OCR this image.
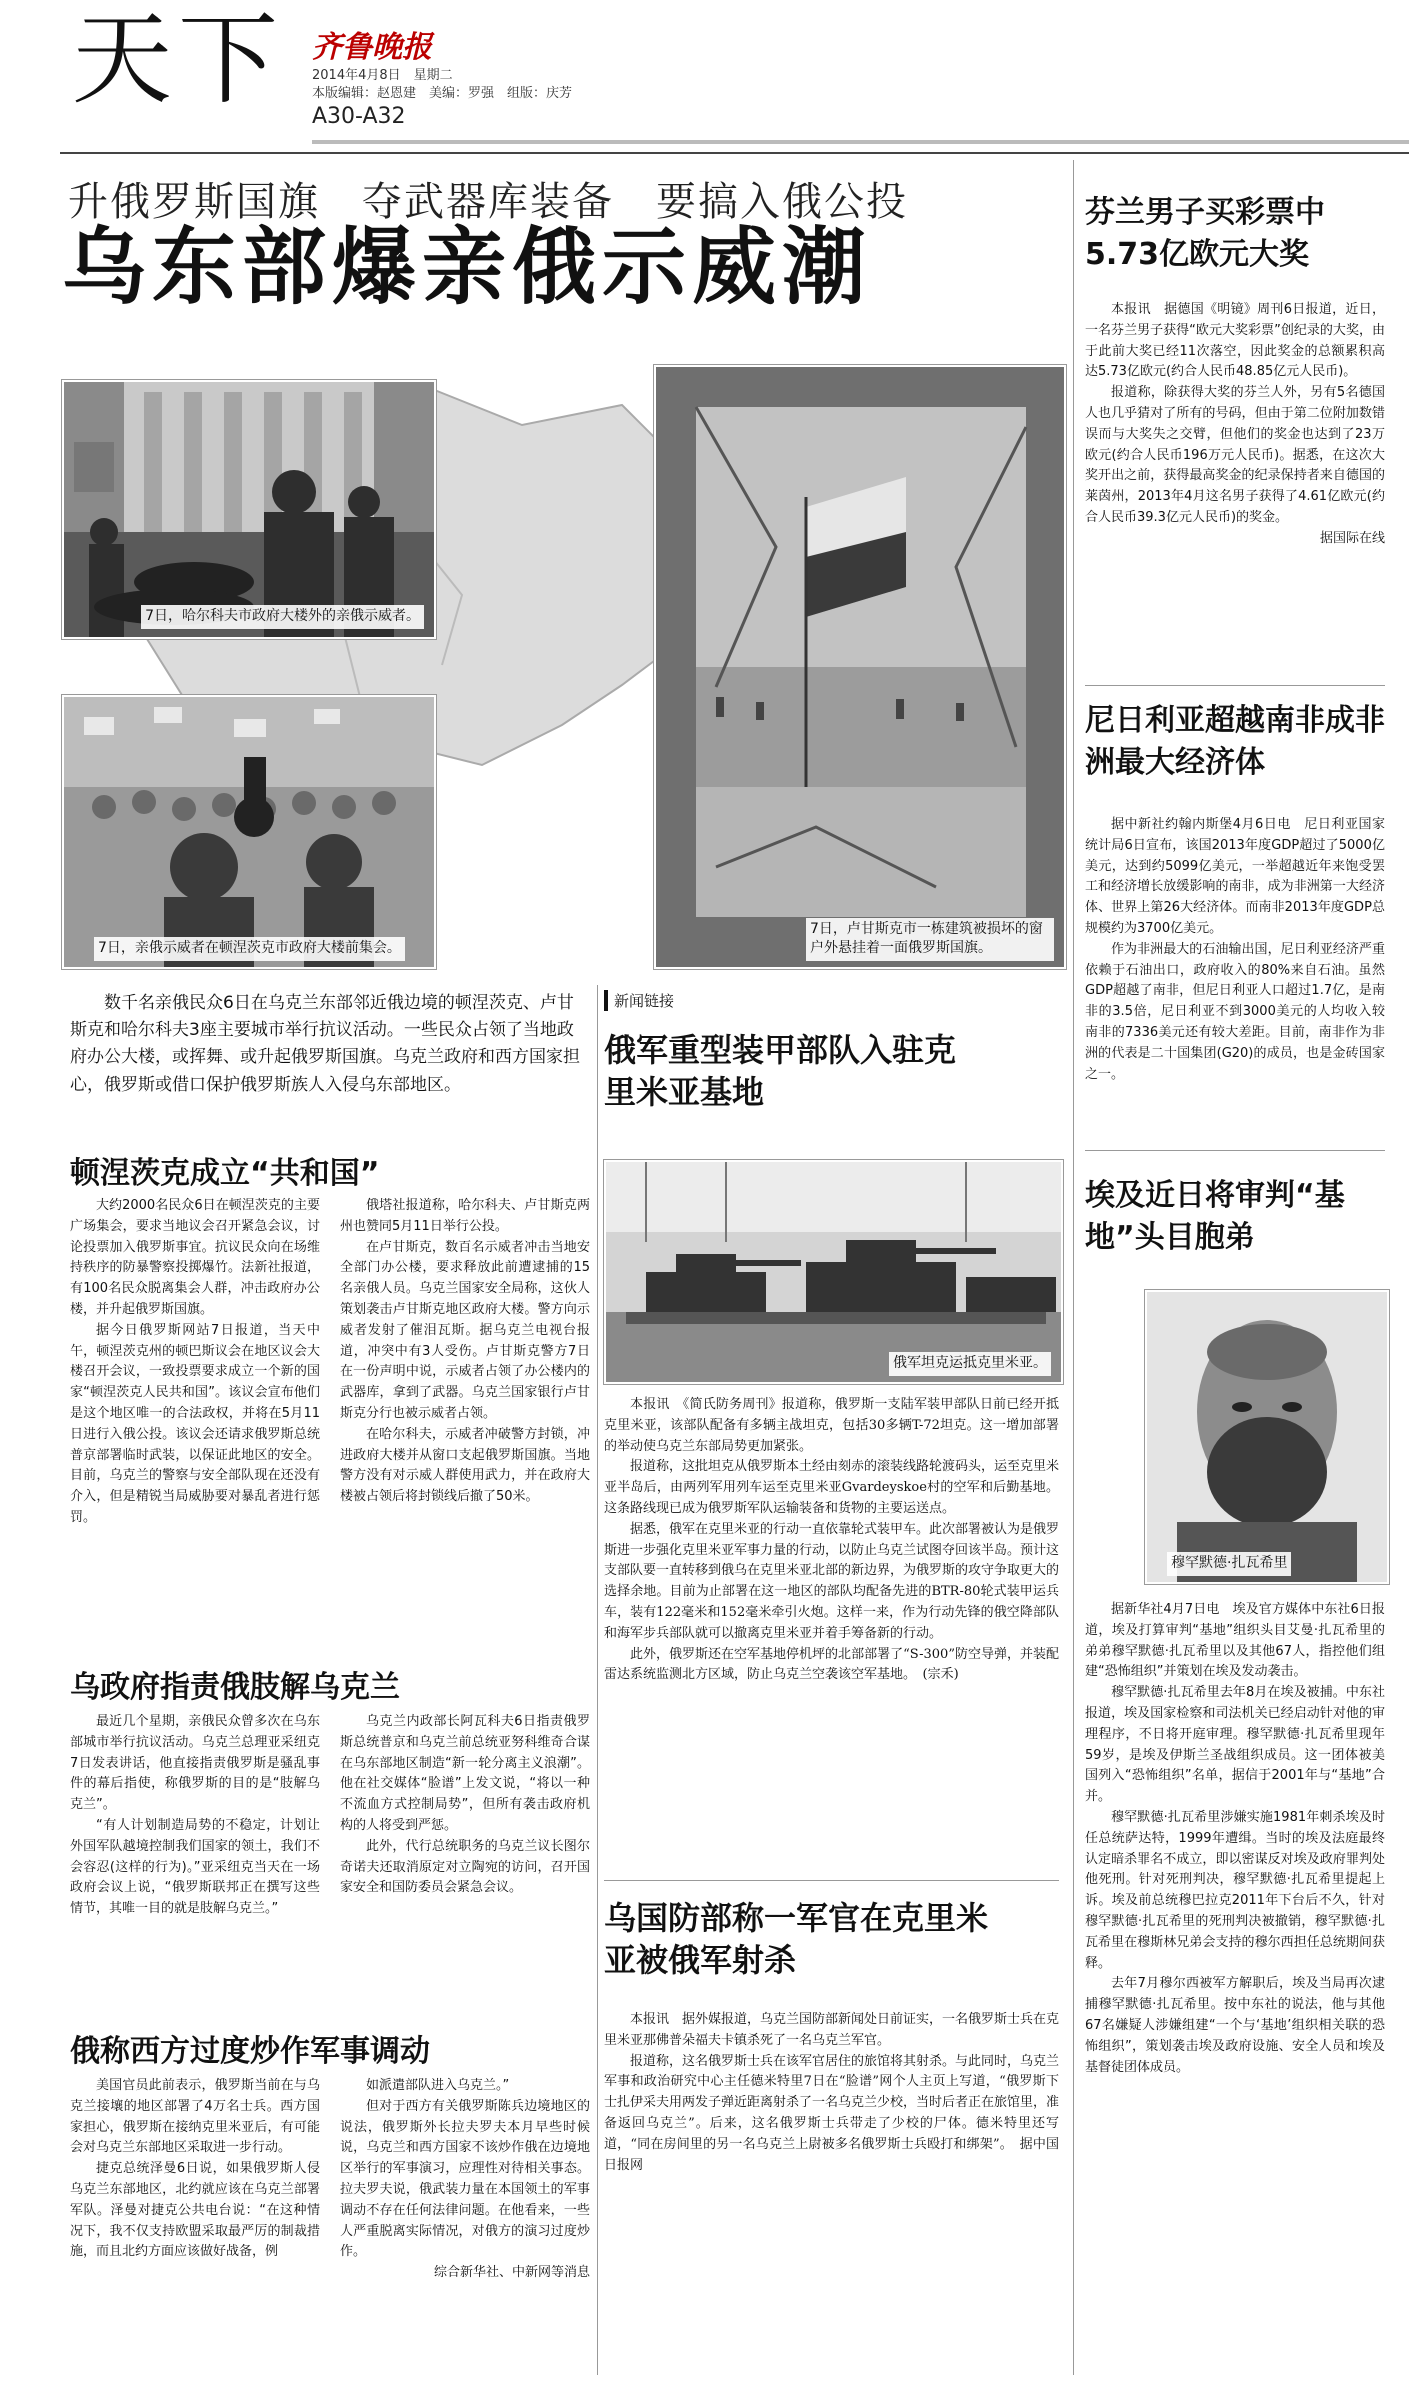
天下 齐鲁晚报
2014年4月8日　星期二
本版编辑：赵恩建　美编：罗强　组版：庆芳
A30-A32
升俄罗斯国旗　夺武器库装备　要搞入俄公投
乌东部爆亲俄示威潮
7日，哈尔科夫市政府大楼外的亲俄示威者。
7日，亲俄示威者在顿涅茨克市政府大楼前集会。
7日，卢甘斯克市一栋建筑被损坏的窗户外悬挂着一面俄罗斯国旗。
数千名亲俄民众6日在乌克兰东部邻近俄边境的顿涅茨克、卢甘斯克和哈尔科夫3座主要城市举行抗议活动。一些民众占领了当地政府办公大楼，或挥舞、或升起俄罗斯国旗。乌克兰政府和西方国家担心，俄罗斯或借口保护俄罗斯族人入侵乌东部地区。
顿涅茨克成立“共和国”

大约2000名民众6日在顿涅茨克的主要广场集会，要求当地议会召开紧急会议，讨论投票加入俄罗斯事宜。抗议民众向在场维持秩序的防暴警察投掷爆竹。法新社报道，有100名民众脱离集会人群，冲击政府办公楼，并升起俄罗斯国旗。

据今日俄罗斯网站7日报道，当天中午，顿涅茨克州的顿巴斯议会在地区议会大楼召开会议，一致投票要求成立一个新的国家“顿涅茨克人民共和国”。该议会宣布他们是这个地区唯一的合法政权，并将在5月11日进行入俄公投。该议会还请求俄罗斯总统普京部署临时武装，以保证此地区的安全。目前，乌克兰的警察与安全部队现在还没有介入，但是精锐当局威胁要对暴乱者进行惩罚。

俄塔社报道称，哈尔科夫、卢甘斯克两州也赞同5月11日举行公投。

在卢甘斯克，数百名示威者冲击当地安全部门办公楼，要求释放此前遭逮捕的15名亲俄人员。乌克兰国家安全局称，这伙人策划袭击卢甘斯克地区政府大楼。警方向示威者发射了催泪瓦斯。据乌克兰电视台报道，冲突中有3人受伤。卢甘斯克警方7日在一份声明中说，示威者占领了办公楼内的武器库，拿到了武器。乌克兰国家银行卢甘斯克分行也被示威者占领。

在哈尔科夫，示威者冲破警方封锁，冲进政府大楼并从窗口支起俄罗斯国旗。当地警方没有对示威人群使用武力，并在政府大楼被占领后将封锁线后撤了50米。

乌政府指责俄肢解乌克兰

最近几个星期，亲俄民众曾多次在乌东部城市举行抗议活动。乌克兰总理亚采纽克7日发表讲话，他直接指责俄罗斯是骚乱事件的幕后指使，称俄罗斯的目的是“肢解乌克兰”。

“有人计划制造局势的不稳定，计划让外国军队越境控制我们国家的领土，我们不会容忍(这样的行为)。”亚采纽克当天在一场政府会议上说，“俄罗斯联邦正在撰写这些情节，其唯一目的就是肢解乌克兰。”

乌克兰内政部长阿瓦科夫6日指责俄罗斯总统普京和乌克兰前总统亚努科维奇合谋在乌东部地区制造“新一轮分离主义浪潮”。他在社交媒体“脸谱”上发文说，“将以一种不流血方式控制局势”，但所有袭击政府机构的人将受到严惩。

此外，代行总统职务的乌克兰议长图尔奇诺夫还取消原定对立陶宛的访问，召开国家安全和国防委员会紧急会议。

俄称西方过度炒作军事调动

美国官员此前表示，俄罗斯当前在与乌克兰接壤的地区部署了4万名士兵。西方国家担心，俄罗斯在接纳克里米亚后，有可能会对乌克兰东部地区采取进一步行动。

捷克总统泽曼6日说，如果俄罗斯人侵乌克兰东部地区，北约就应该在乌克兰部署军队。泽曼对捷克公共电台说：“在这种情况下，我不仅支持欧盟采取最严厉的制裁措施，而且北约方面应该做好战备，例

如派遣部队进入乌克兰。”

但对于西方有关俄罗斯陈兵边境地区的说法，俄罗斯外长拉夫罗夫本月早些时候说，乌克兰和西方国家不该炒作俄在边境地区举行的军事演习，应理性对待相关事态。拉夫罗夫说，俄武装力量在本国领土的军事调动不存在任何法律问题。在他看来，一些人严重脱离实际情况，对俄方的演习过度炒作。

综合新华社、中新网等消息

新闻链接
俄军重型装甲部队入驻克里米亚基地
俄军坦克运抵克里米亚。

本报讯　《简氏防务周刊》报道称，俄罗斯一支陆军装甲部队日前已经开抵克里米亚，该部队配备有多辆主战坦克，包括30多辆T-72坦克。这一增加部署的举动使乌克兰东部局势更加紧张。

报道称，这批坦克从俄罗斯本土经由刻赤的滚装线路轮渡码头，运至克里米亚半岛后，由两列军用列车运至克里米亚Gvardeyskoe村的空军和后勤基地。这条路线现已成为俄罗斯军队运输装备和货物的主要运送点。

据悉，俄军在克里米亚的行动一直依靠轮式装甲车。此次部署被认为是俄罗斯进一步强化克里米亚军事力量的行动，以防止乌克兰试图夺回该半岛。预计这支部队要一直转移到俄乌在克里米亚北部的新边界，为俄罗斯的攻守争取更大的选择余地。目前为止部署在这一地区的部队均配备先进的BTR-80轮式装甲运兵车，装有122毫米和152毫米牵引火炮。这样一来，作为行动先锋的俄空降部队和海军步兵部队就可以撤离克里米亚并着手筹备新的行动。

此外，俄罗斯还在空军基地停机坪的北部部署了“S-300”防空导弹，并装配雷达系统监测北方区域，防止乌克兰空袭该空军基地。　(宗禾)

乌国防部称一军官在克里米亚被俄军射杀

本报讯　据外媒报道，乌克兰国防部新闻处日前证实，一名俄罗斯士兵在克里米亚那佛普朵福夫卡镇杀死了一名乌克兰军官。

报道称，这名俄罗斯士兵在该军官居住的旅馆将其射杀。与此同时，乌克兰军事和政治研究中心主任德米特里7日在“脸谱”网个人主页上写道，“俄罗斯下士扎伊采夫用两发子弹近距离射杀了一名乌克兰少校，当时后者正在旅馆里，准备返回乌克兰”。后来，这名俄罗斯士兵带走了少校的尸体。德米特里还写道，“同在房间里的另一名乌克兰上尉被多名俄罗斯士兵殴打和绑架”。　据中国日报网

芬兰男子买彩票中5.73亿欧元大奖

本报讯　据德国《明镜》周刊6日报道，近日，一名芬兰男子获得“欧元大奖彩票”创纪录的大奖，由于此前大奖已经11次落空，因此奖金的总额累积高达5.73亿欧元(约合人民币48.85亿元人民币)。

报道称，除获得大奖的芬兰人外，另有5名德国人也几乎猜对了所有的号码，但由于第二位附加数错误而与大奖失之交臂，但他们的奖金也达到了23万欧元(约合人民币196万元人民币)。据悉，在这次大奖开出之前，获得最高奖金的纪录保持者来自德国的莱茵州，2013年4月这名男子获得了4.61亿欧元(约合人民币39.3亿元人民币)的奖金。

据国际在线

尼日利亚超越南非成非洲最大经济体

据中新社约翰内斯堡4月6日电　尼日利亚国家统计局6日宣布，该国2013年度GDP超过了5000亿美元，达到约5099亿美元，一举超越近年来饱受罢工和经济增长放缓影响的南非，成为非洲第一大经济体、世界上第26大经济体。而南非2013年度GDP总规模约为3700亿美元。

作为非洲最大的石油输出国，尼日利亚经济严重依赖于石油出口，政府收入的80%来自石油。虽然GDP超越了南非，但尼日利亚人口超过1.7亿，是南非的3.5倍，尼日利亚不到3000美元的人均收入较南非的7336美元还有较大差距。目前，南非作为非洲的代表是二十国集团(G20)的成员，也是金砖国家之一。

埃及近日将审判“基地”头目胞弟
穆罕默德·扎瓦希里

据新华社4月7日电　埃及官方媒体中东社6日报道，埃及打算审判“基地”组织头目艾曼·扎瓦希里的弟弟穆罕默德·扎瓦希里以及其他67人，指控他们组建“恐怖组织”并策划在埃及发动袭击。

穆罕默德·扎瓦希里去年8月在埃及被捕。中东社报道，埃及国家检察和司法机关已经启动针对他的审理程序，不日将开庭审理。穆罕默德·扎瓦希里现年59岁，是埃及伊斯兰圣战组织成员。这一团体被美国列入“恐怖组织”名单，据信于2001年与“基地”合并。

穆罕默德·扎瓦希里涉嫌实施1981年刺杀埃及时任总统萨达特，1999年遭缉。当时的埃及法庭最终认定暗杀罪名不成立，即以密谋反对埃及政府罪判处他死刑。针对死刑判决，穆罕默德·扎瓦希里提起上诉。埃及前总统穆巴拉克2011年下台后不久，针对穆罕默德·扎瓦希里的死刑判决被撤销，穆罕默德·扎瓦希里在穆斯林兄弟会支持的穆尔西担任总统期间获释。

去年7月穆尔西被军方解职后，埃及当局再次逮捕穆罕默德·扎瓦希里。按中东社的说法，他与其他67名嫌疑人涉嫌组建“一个与‘基地’组织相关联的恐怖组织”，策划袭击埃及政府设施、安全人员和埃及基督徒团体成员。
